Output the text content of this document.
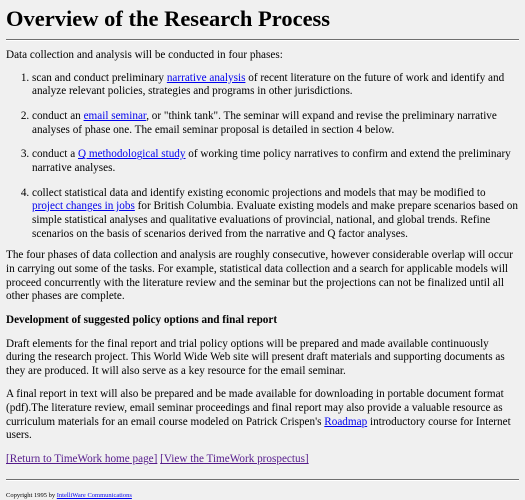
Overview of the Research Process

Data collection and analysis will be conducted in four phases:

1. scan and conduct preliminary narrative analysis of recent literature on the future of work and identify and analyze relevant policies, strategies and programs in other jurisdictions.
2. conduct an email seminar, or "think tank". The seminar will expand and revise the preliminary narrative analyses of phase one. The email seminar proposal is detailed in section 4 below.
3. conduct a Q methodological study of working time policy narratives to confirm and extend the preliminary narrative analyses.
4. collect statistical data and identify existing economic projections and models that may be modified to project changes in jobs for British Columbia. Evaluate existing models and make prepare scenarios based on simple statistical analyses and qualitative evaluations of provincial, national, and global trends. Refine scenarios on the basis of scenarios derived from the narrative and Q factor analyses.

The four phases of data collection and analysis are roughly consecutive, however considerable overlap will occur in carrying out some of the tasks. For example, statistical data collection and a search for applicable models will proceed concurrently with the literature review and the seminar but the projections can not be finalized until all other phases are complete.

Development of suggested policy options and final report

Draft elements for the final report and trial policy options will be prepared and made available continuously during the research project. This World Wide Web site will present draft materials and supporting documents as they are produced. It will also serve as a key resource for the email seminar.

A final report in text will also be prepared and be made available for downloading in portable document format (pdf).The literature review, email seminar proceedings and final report may also provide a valuable resource as curriculum materials for an email course modeled on Patrick Crispen's Roadmap introductory course for Internet users.

[Return to TimeWork home page] [View the TimeWork prospectus]

Copyright 1995 by IntelliWare Communications
